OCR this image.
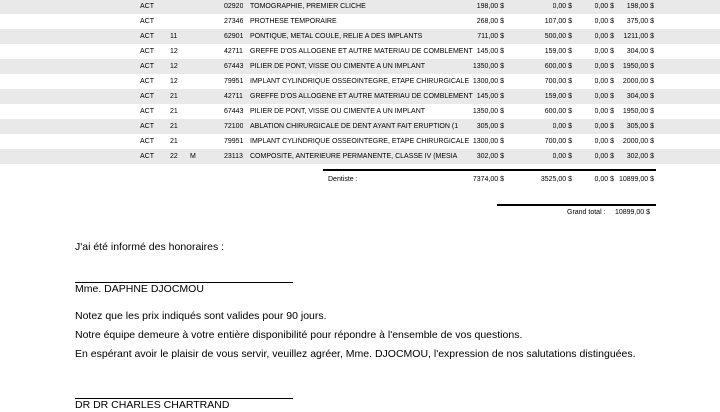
ACT	02920 TOMOGRAPHIE, PREMIER CLICHE	198,00 $	0,00 $	0,00 $ 198,00 $
ACT	27346 PROTHESE TEMPORAIRE	268,00 $	107,00 $	0,00 $ 375,00 $
ACT 11	62901 PONTIQUE, METAL COULE, RELIE A DES IMPLANTS	711,00 $	500,00 $	0,00 $ 1211,00 $
ACT 12	42711 GREFFE D'OS ALLOGENE ET AUTRE MATERIAU DE COMBLEMENT 145,00 $	159,00 $	0,00 $ 304,00 $
ACT 12	67443 PILIER DE PONT, VISSE OU CIMENTE A UN IMPLANT	1350,00 $	600,00 $	0,00 $ 1950,00 $
ACT 12	79951 IMPLANT CYLINDRIQUE OSSEOINTEGRE, ETAPE CHIRURGICALE 1300,00 $	700,00 $	0,00 $ 2000,00 $
ACT 21	42711 GREFFE D'OS ALLOGENE ET AUTRE MATERIAU DE COMBLEMENT 145,00 $	159,00 $	0,00 $ 304,00 $
ACT 21	67443 PILIER DE PONT, VISSE OU CIMENTE A UN IMPLANT	1350,00 $	600,00 $	0,00 $ 1950,00 $
ACT 21	72100 ABLATION CHIRURGICALE DE DENT AYANT FAIT ERUPTION (1	305,00 $	0,00 $	0,00 $ 305,00 $
ACT 21	79951 IMPLANT CYLINDRIQUE OSSEOINTEGRE, ETAPE CHIRURGICALE 1300,00 $	700,00 $	0,00 $ 2000,00 $
ACT 22 M	23113 COMPOSITE, ANTERIEURE PERMANENTE, CLASSE IV (MESIA	302,00 $	0,00 $	0,00 $ 302,00 $
Dentiste :	7374,00 $	3525,00 $	0,00 $ 10899,00 $
Grand total : 10899,00 $
J'ai été informé des honoraires :
Mme. DAPHNE DJOCMOU
Notez que les prix indiqués sont valides pour 90 jours.
Notre équipe demeure à votre entière disponibilité pour répondre à l'ensemble de vos questions.
En espérant avoir le plaisir de vous servir, veuillez agréer, Mme. DJOCMOU, l'expression de nos salutations distinguées.
DR DR CHARLES CHARTRAND
